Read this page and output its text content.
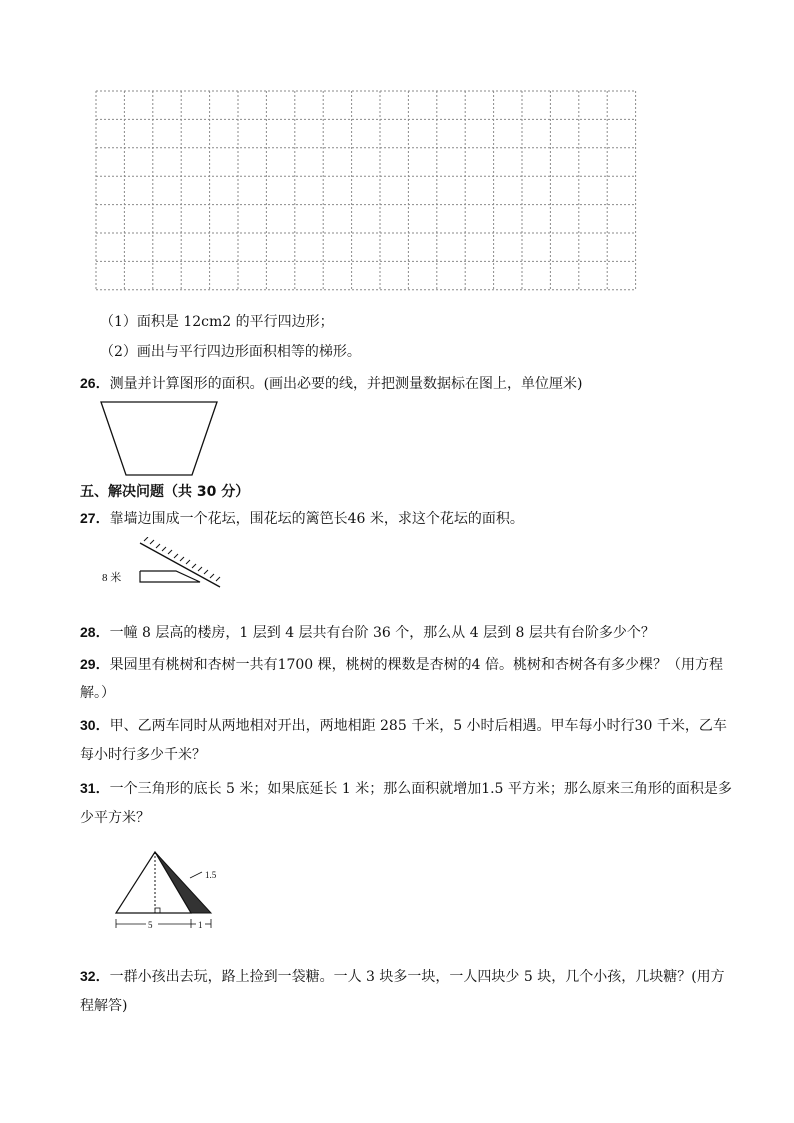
（1）面积是 12cm2 的平行四边形；
（2）画出与平行四边形面积相等的梯形。
26．测量并计算图形的面积。(画出必要的线，并把测量数据标在图上，单位厘米)
五、解决问题（共 30 分）
27．靠墙边围成一个花坛，围花坛的篱笆长46 米，求这个花坛的面积。
8 米
28．一幢 8 层高的楼房，1 层到 4 层共有台阶 36 个，那么从 4 层到 8 层共有台阶多少个？
29．果园里有桃树和杏树一共有1700 棵，桃树的棵数是杏树的4 倍。桃树和杏树各有多少棵？（用方程
解。）
30．甲、乙两车同时从两地相对开出，两地相距 285 千米，5 小时后相遇。甲车每小时行30 千米，乙车
每小时行多少千米？
31．一个三角形的底长 5 米；如果底延长 1 米；那么面积就增加1.5 平方米；那么原来三角形的面积是多
少平方米？
1.5
5	1
32．一群小孩出去玩，路上捡到一袋糖。一人 3 块多一块，一人四块少 5 块，几个小孩，几块糖？(用方
程解答)
